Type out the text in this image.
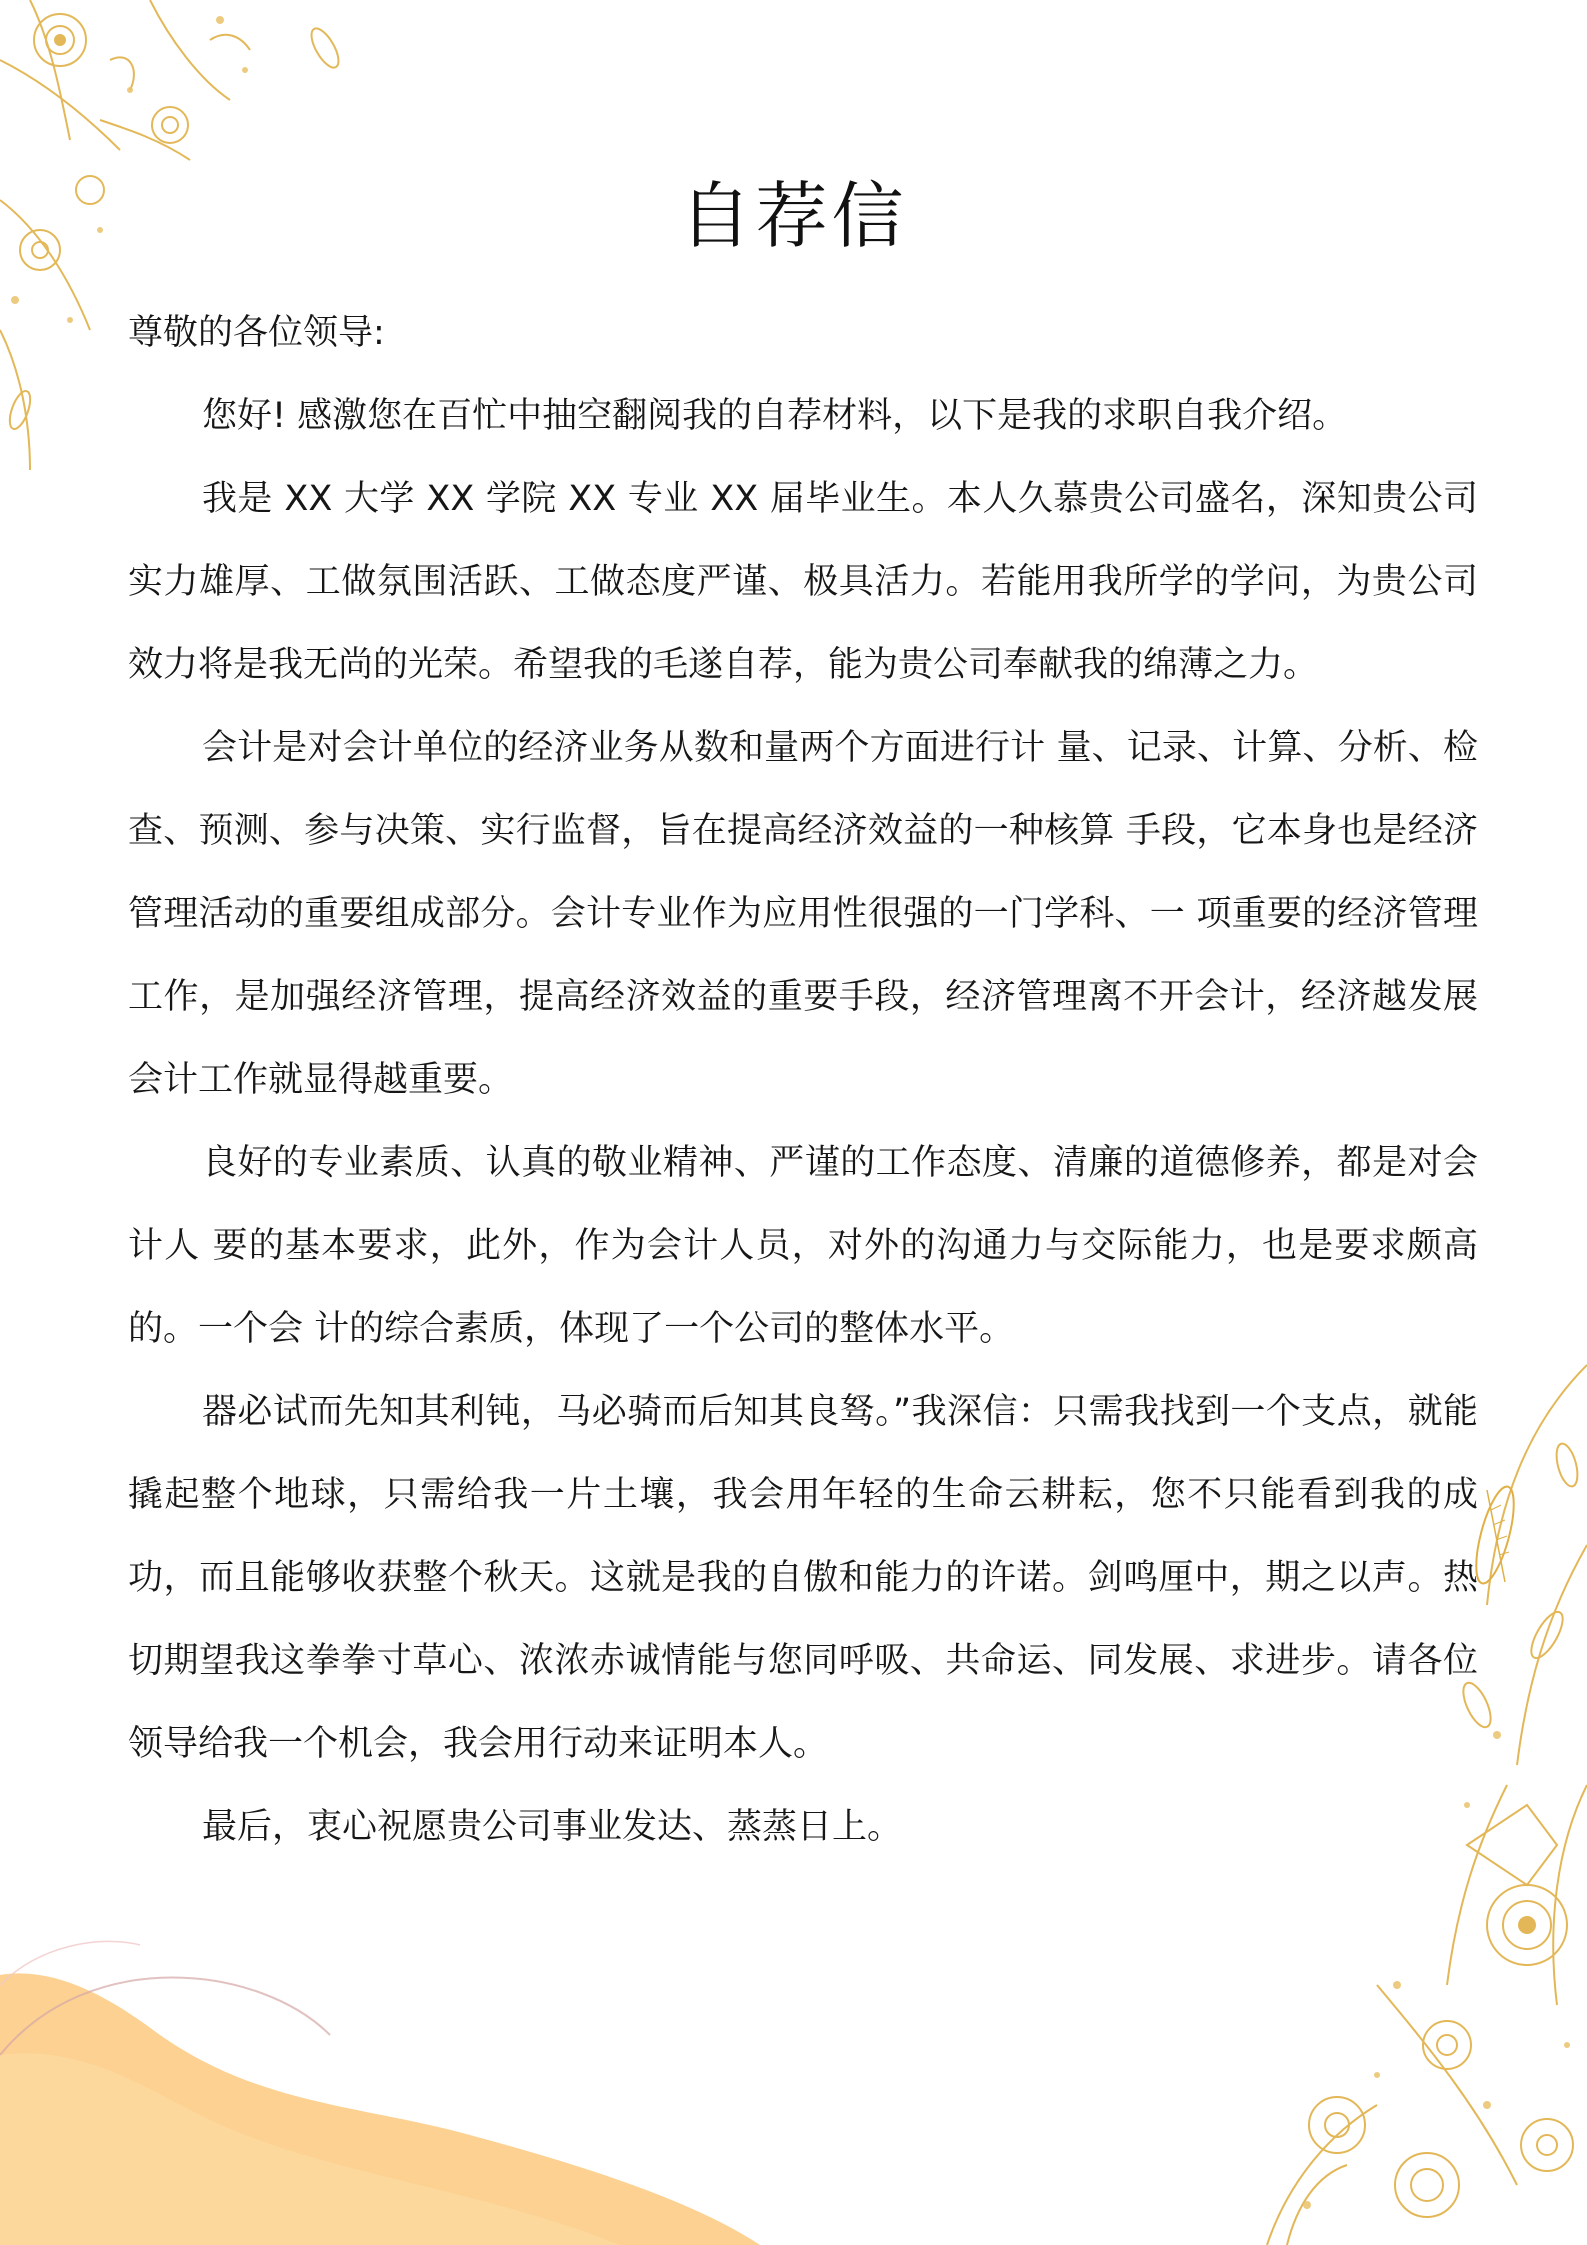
自荐信

尊敬的各位领导:

您好! 感激您在百忙中抽空翻阅我的自荐材料，以下是我的求职自我介绍。

我是 XX 大学 XX 学院 XX 专业 XX 届毕业生。本人久慕贵公司盛名，深知贵公司实力雄厚、工做氛围活跃、工做态度严谨、极具活力。若能用我所学的学问，为贵公司效力将是我无尚的光荣。希望我的毛遂自荐，能为贵公司奉献我的绵薄之力。

会计是对会计单位的经济业务从数和量两个方面进行计 量、记录、计算、分析、检查、预测、参与决策、实行监督，旨在提高经济效益的一种核算 手段，它本身也是经济管理活动的重要组成部分。会计专业作为应用性很强的一门学科、一 项重要的经济管理工作，是加强经济管理，提高经济效益的重要手段，经济管理离不开会计，经济越发展会计工作就显得越重要。

良好的专业素质、认真的敬业精神、严谨的工作态度、清廉的道德修养，都是对会计人 要的基本要求，此外，作为会计人员，对外的沟通力与交际能力，也是要求颇高的。一个会 计的综合素质，体现了一个公司的整体水平。

器必试而先知其利钝，马必骑而后知其良驽。”我深信：只需我找到一个支点，就能撬起整个地球，只需给我一片土壤，我会用年轻的生命云耕耘，您不只能看到我的成功，而且能够收获整个秋天。这就是我的自傲和能力的许诺。剑鸣厘中，期之以声。热切期望我这拳拳寸草心、浓浓赤诚情能与您同呼吸、共命运、同发展、求进步。请各位领导给我一个机会，我会用行动来证明本人。

最后，衷心祝愿贵公司事业发达、蒸蒸日上。
